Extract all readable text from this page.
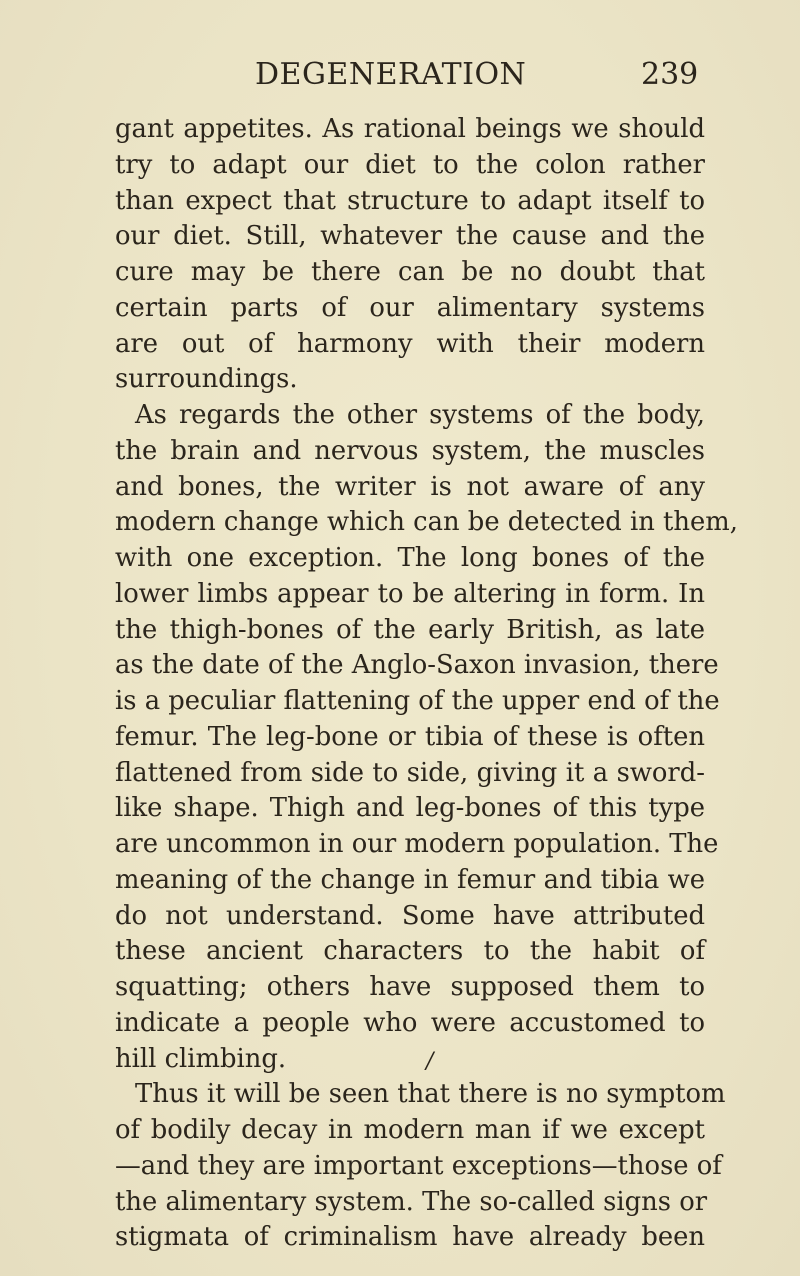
DEGENERATION	239
gant appetites. As rational beings we should
try to adapt our diet to the colon rather
than expect that structure to adapt itself to
our diet. Still, whatever the cause and the
cure may be there can be no doubt that
certain parts of our alimentary systems
are out of harmony with their modern
surroundings.
As regards the other systems of the body,
the brain and nervous system, the muscles
and bones, the writer is not aware of any
modern change which can be detected in them,
with one exception. The long bones of the
lower limbs appear to be altering in form. In
the thigh-bones of the early British, as late
as the date of the Anglo-Saxon invasion, there
is a peculiar flattening of the upper end of the
femur. The leg-bone or tibia of these is often
flattened from side to side, giving it a sword-
like shape. Thigh and leg-bones of this type
are uncommon in our modern population. The
meaning of the change in femur and tibia we
do not understand. Some have attributed
these ancient characters to the habit of
squatting; others have supposed them to
indicate a people who were accustomed to
hill climbing.
Thus it will be seen that there is no symptom
of bodily decay in modern man if we except
—and they are important exceptions—those of
the alimentary system. The so-called signs or
stigmata of criminalism have already been
/
